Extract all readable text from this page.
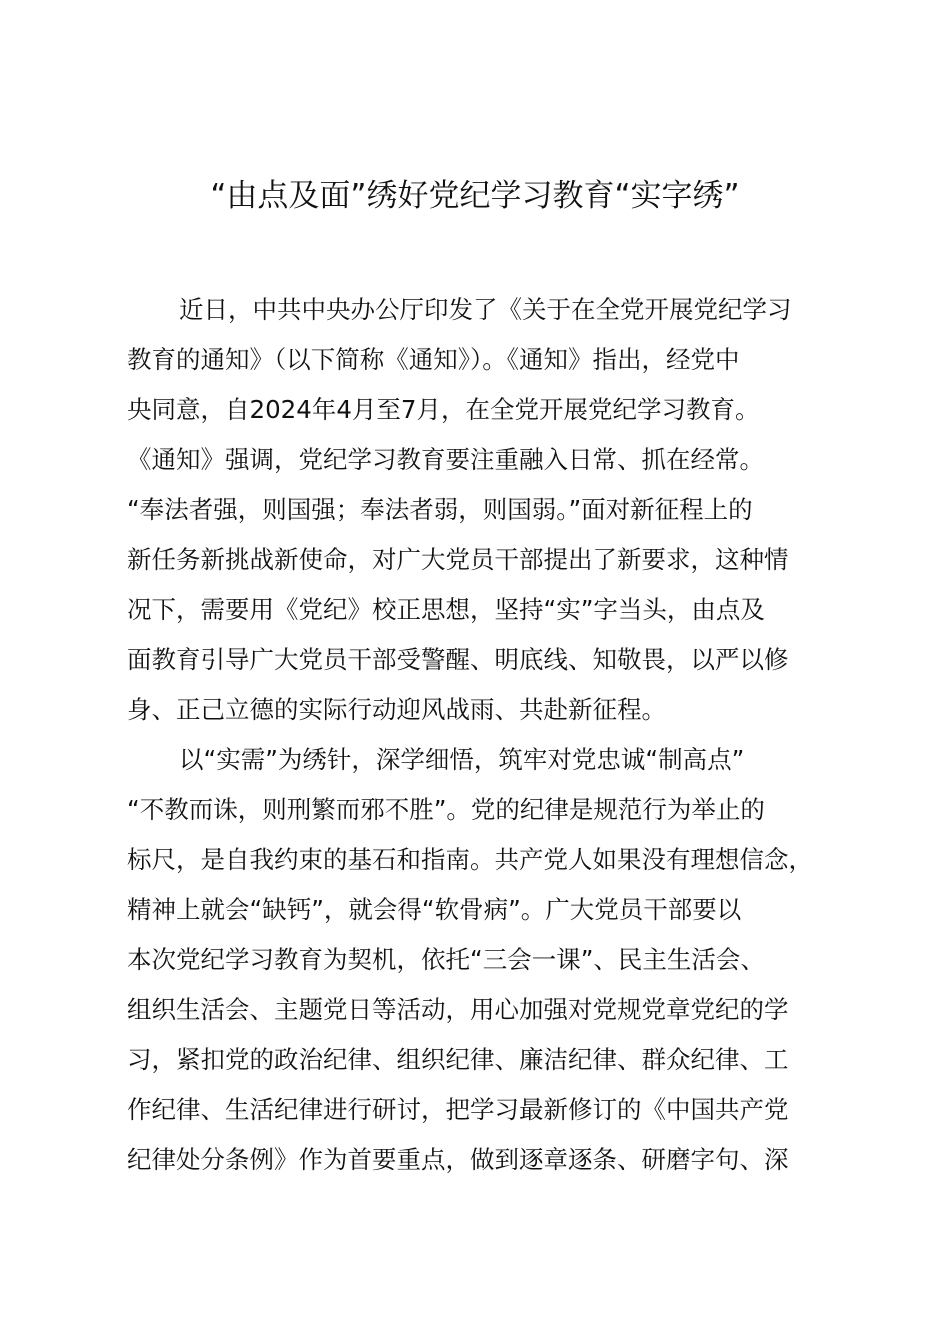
“由点及面”绣好党纪学习教育“实字绣”
近日，中共中央办公厅印发了《关于在全党开展党纪学习
教育的通知》（以下简称《通知》）。《通知》指出，经党中
央同意，自2024年4月至7月，在全党开展党纪学习教育。
《通知》强调，党纪学习教育要注重融入日常、抓在经常。
“奉法者强，则国强；奉法者弱，则国弱。”面对新征程上的
新任务新挑战新使命，对广大党员干部提出了新要求，这种情
况下，需要用《党纪》校正思想，坚持“实”字当头，由点及
面教育引导广大党员干部受警醒、明底线、知敬畏，以严以修
身、正己立德的实际行动迎风战雨、共赴新征程。
以“实需”为绣针，深学细悟，筑牢对党忠诚“制高点”
“不教而诛，则刑繁而邪不胜”。党的纪律是规范行为举止的
标尺，是自我约束的基石和指南。共产党人如果没有理想信念，
精神上就会“缺钙”，就会得“软骨病”。广大党员干部要以
本次党纪学习教育为契机，依托“三会一课”、民主生活会、
组织生活会、主题党日等活动，用心加强对党规党章党纪的学
习，紧扣党的政治纪律、组织纪律、廉洁纪律、群众纪律、工
作纪律、生活纪律进行研讨，把学习最新修订的《中国共产党
纪律处分条例》作为首要重点，做到逐章逐条、研磨字句、深
